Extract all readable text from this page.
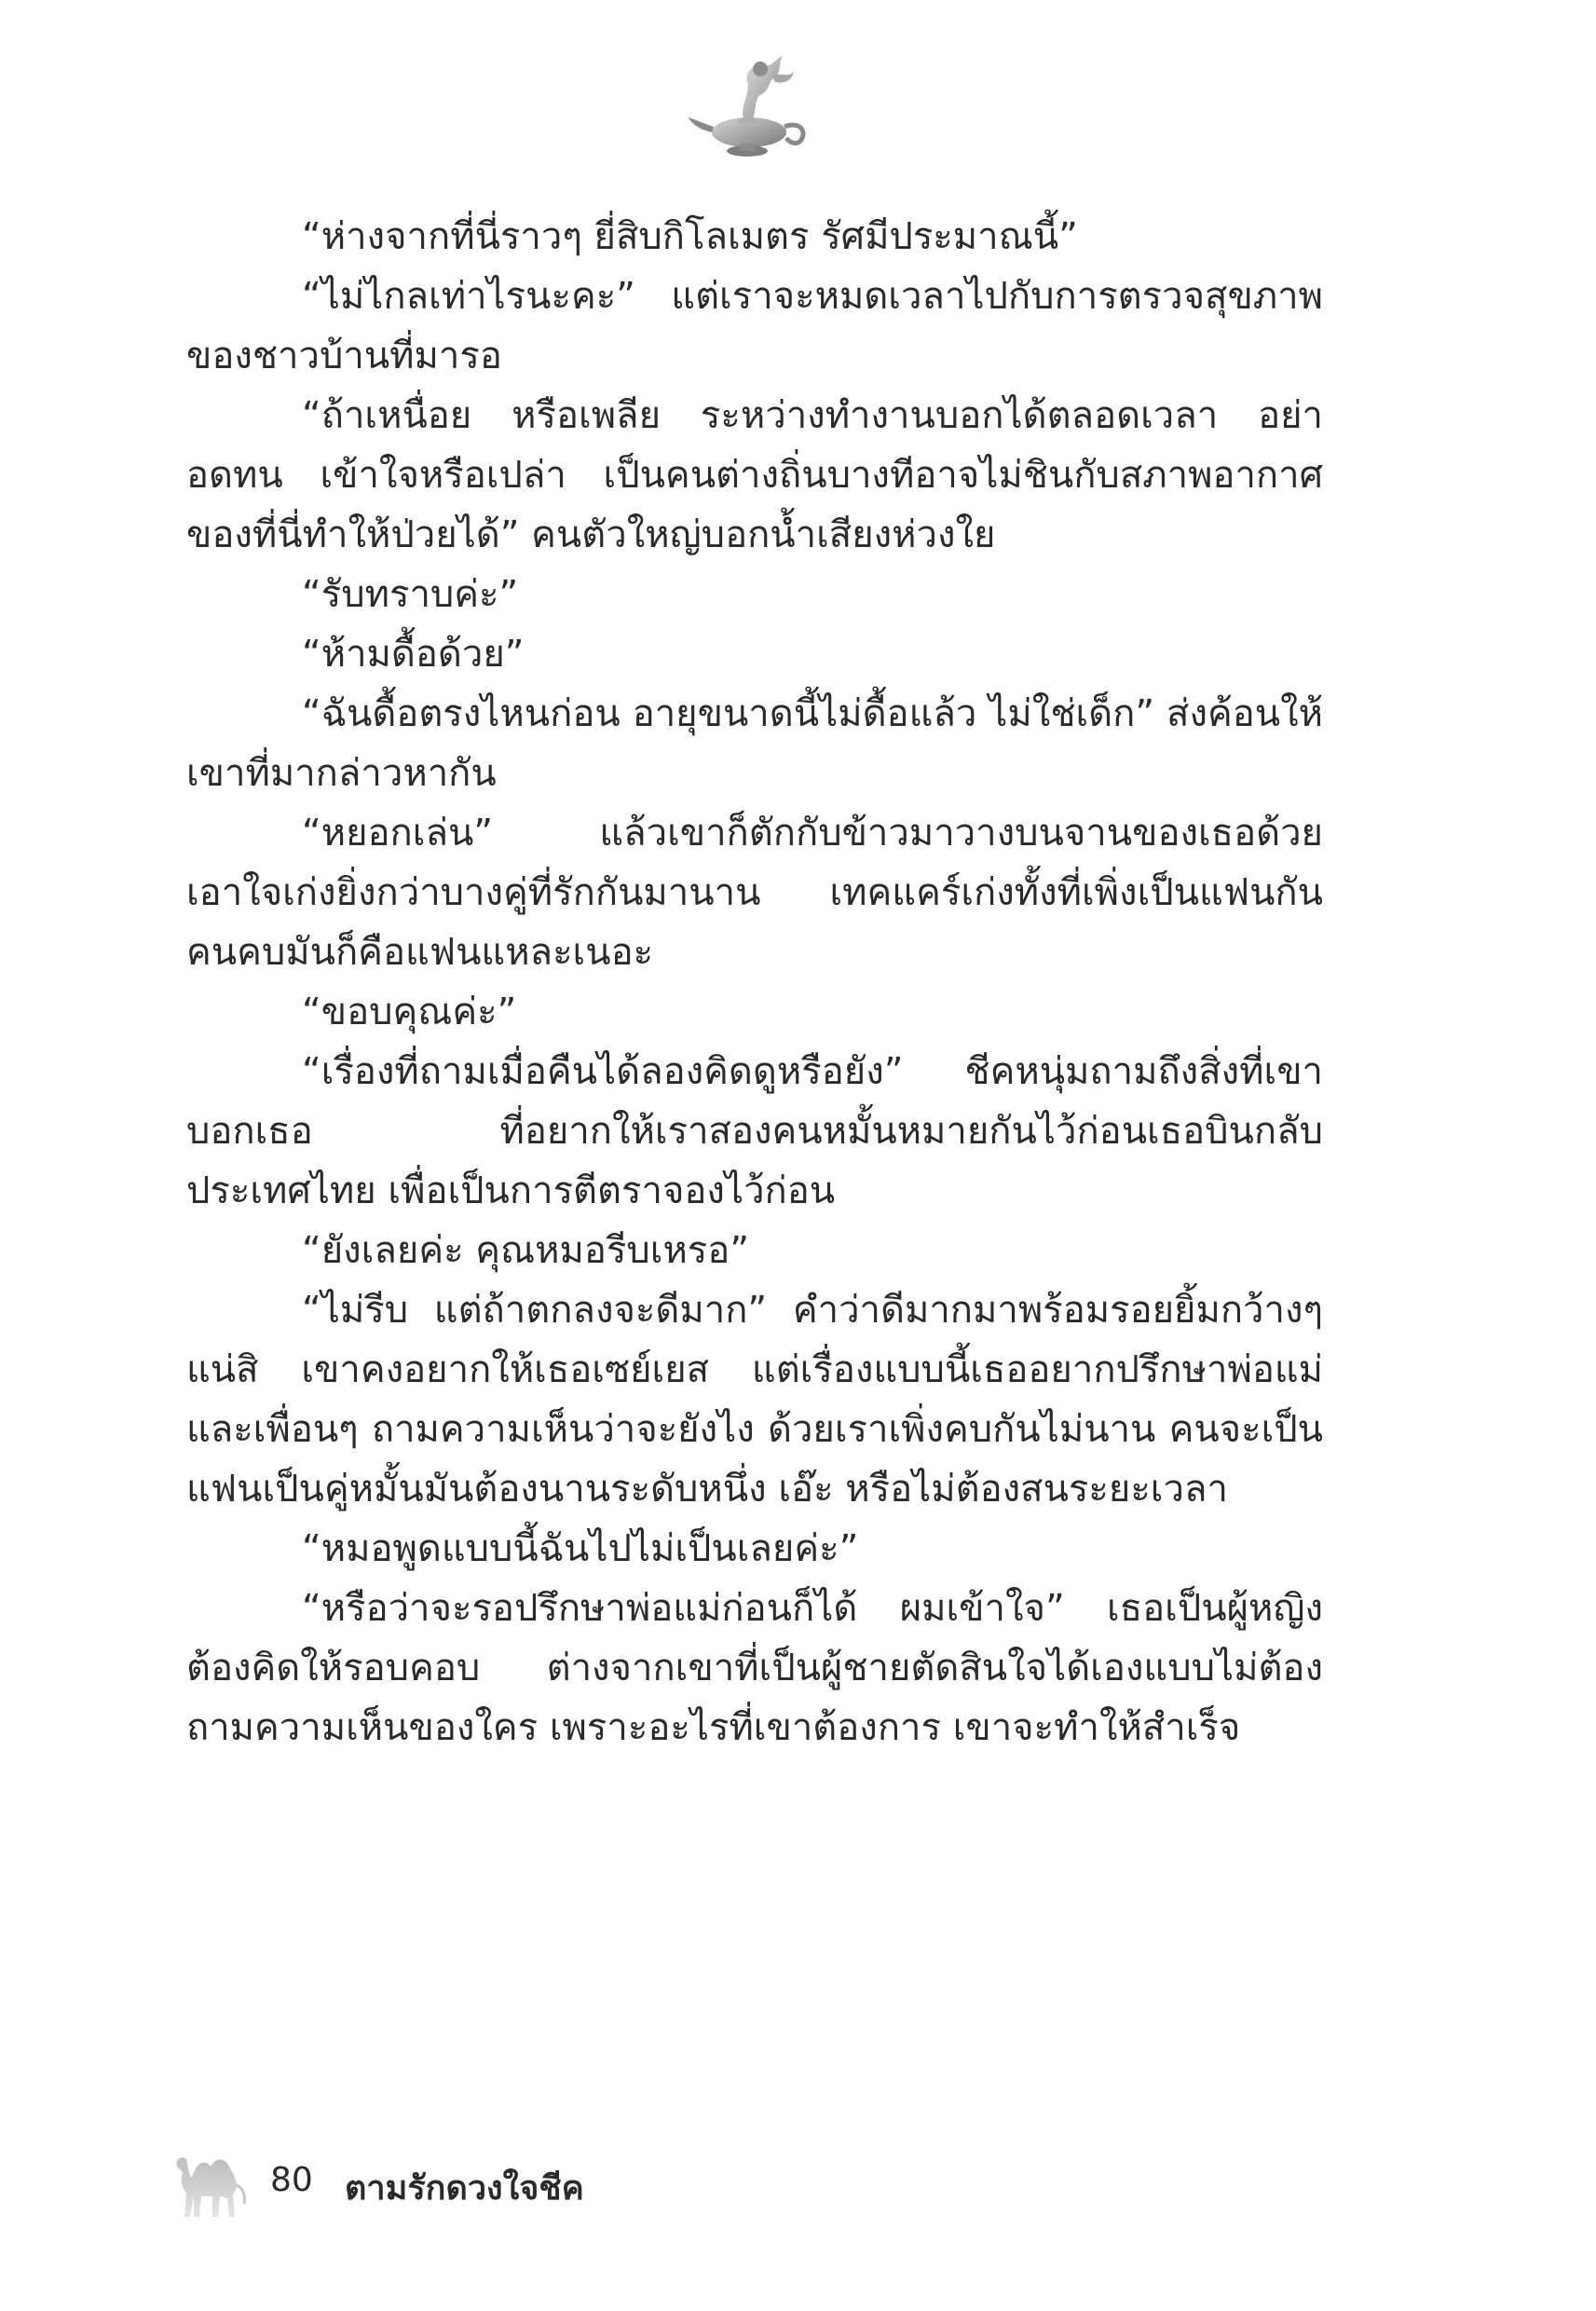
“ห่างจากที่นี่ราวๆ ยี่สิบกิโลเมตร รัศมีประมาณนี้”

“ไม่ไกลเท่าไรนะคะ” แต่เราจะหมดเวลาไปกับการตรวจสุขภาพของชาวบ้านที่มารอ

“ถ้าเหนื่อย หรือเพลีย ระหว่างทำงานบอกได้ตลอดเวลา อย่าอดทน เข้าใจหรือเปล่า เป็นคนต่างถิ่นบางทีอาจไม่ชินกับสภาพอากาศของที่นี่ทำให้ป่วยได้” คนตัวใหญ่บอกน้ำเสียงห่วงใย

“รับทราบค่ะ”

“ห้ามดื้อด้วย”

“ฉันดื้อตรงไหนก่อน อายุขนาดนี้ไม่ดื้อแล้ว ไม่ใช่เด็ก” ส่งค้อนให้เขาที่มากล่าวหากัน

“หยอกเล่น” แล้วเขาก็ตักกับข้าวมาวางบนจานของเธอด้วย เอาใจเก่งยิ่งกว่าบางคู่ที่รักกันมานาน เทคแคร์เก่งทั้งที่เพิ่งเป็นแฟนกัน คนคบมันก็คือแฟนแหละเนอะ

“ขอบคุณค่ะ”

“เรื่องที่ถามเมื่อคืนได้ลองคิดดูหรือยัง” ชีคหนุ่มถามถึงสิ่งที่เขาบอกเธอ ที่อยากให้เราสองคนหมั้นหมายกันไว้ก่อนเธอบินกลับประเทศไทย เพื่อเป็นการตีตราจองไว้ก่อน

“ยังเลยค่ะ คุณหมอรีบเหรอ”

“ไม่รีบ แต่ถ้าตกลงจะดีมาก” คำว่าดีมากมาพร้อมรอยยิ้มกว้างๆ แน่สิ เขาคงอยากให้เธอเซย์เยส แต่เรื่องแบบนี้เธออยากปรึกษาพ่อแม่และเพื่อนๆ ถามความเห็นว่าจะยังไง ด้วยเราเพิ่งคบกันไม่นาน คนจะเป็นแฟนเป็นคู่หมั้นมันต้องนานระดับหนึ่ง เอ๊ะ หรือไม่ต้องสนระยะเวลา

“หมอพูดแบบนี้ฉันไปไม่เป็นเลยค่ะ”

“หรือว่าจะรอปรึกษาพ่อแม่ก่อนก็ได้ ผมเข้าใจ” เธอเป็นผู้หญิงต้องคิดให้รอบคอบ ต่างจากเขาที่เป็นผู้ชายตัดสินใจได้เองแบบไม่ต้องถามความเห็นของใคร เพราะอะไรที่เขาต้องการ เขาจะทำให้สำเร็จ

80 ตามรักดวงใจชีค
